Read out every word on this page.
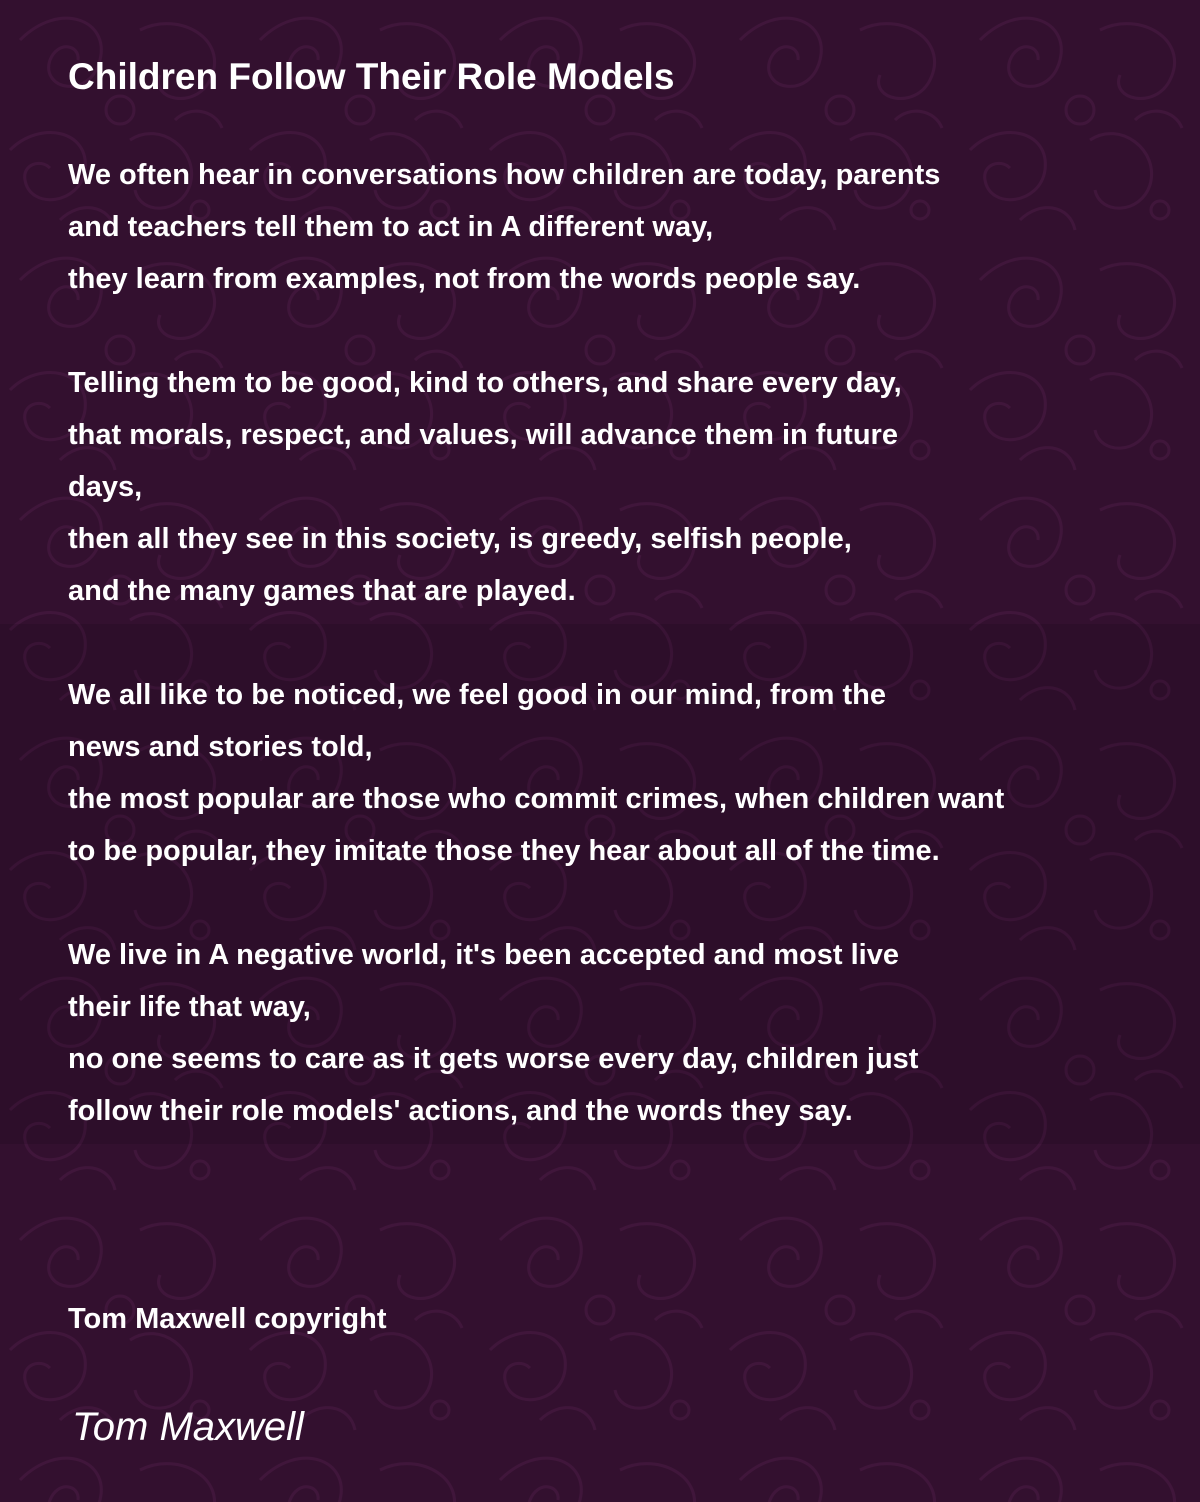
Children Follow Their Role Models
We often hear in conversations how children are today, parents
and teachers tell them to act in A different way,
they learn from examples, not from the words people say.
Telling them to be good, kind to others, and share every day,
that morals, respect, and values, will advance them in future
days,
then all they see in this society, is greedy, selfish people,
and the many games that are played.
We all like to be noticed, we feel good in our mind, from the
news and stories told,
the most popular are those who commit crimes, when children want
to be popular, they imitate those they hear about all of the time.
We live in A negative world, it's been accepted and most live
their life that way,
no one seems to care as it gets worse every day, children just
follow their role models' actions, and the words they say.
Tom Maxwell copyright
Tom Maxwell
